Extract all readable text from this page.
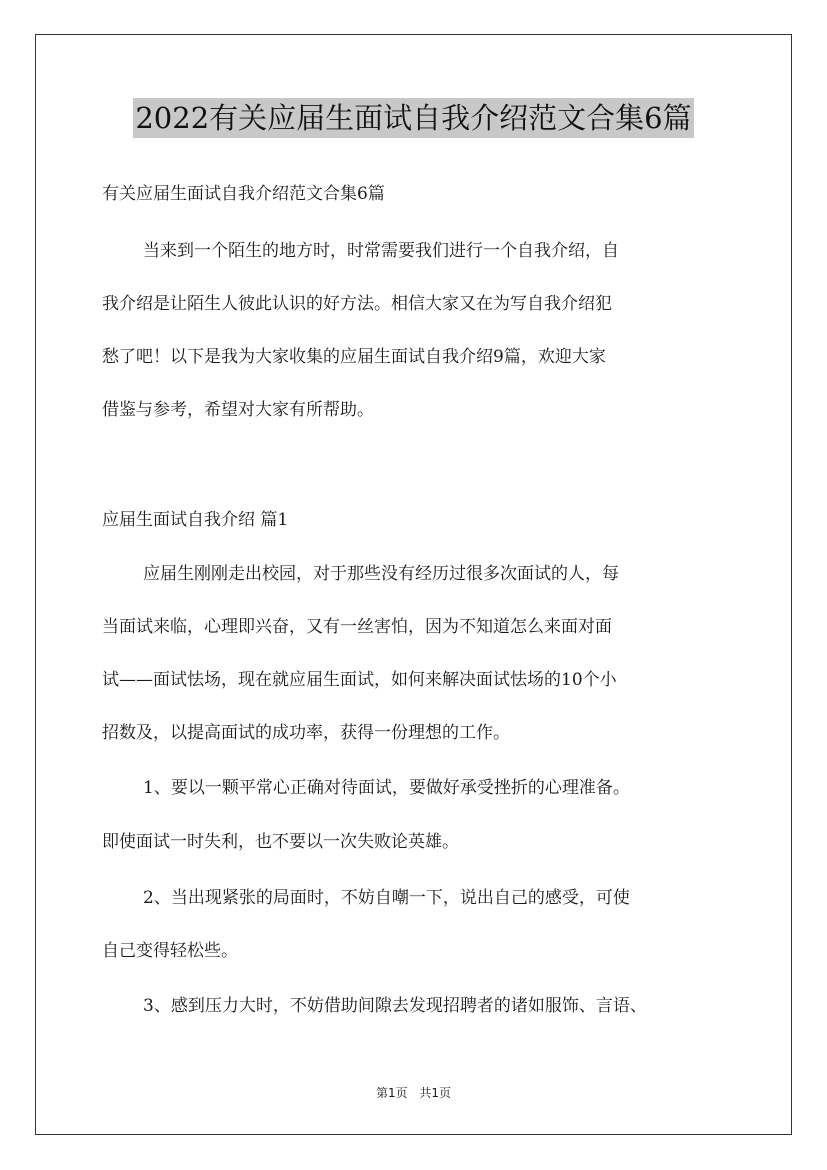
2022有关应届生面试自我介绍范文合集6篇
有关应届生面试自我介绍范文合集6篇
当来到一个陌生的地方时，时常需要我们进行一个自我介绍，自
我介绍是让陌生人彼此认识的好方法。相信大家又在为写自我介绍犯
愁了吧！以下是我为大家收集的应届生面试自我介绍9篇，欢迎大家
借鉴与参考，希望对大家有所帮助。
应届生面试自我介绍 篇1
应届生刚刚走出校园，对于那些没有经历过很多次面试的人，每
当面试来临，心理即兴奋，又有一丝害怕，因为不知道怎么来面对面
试——面试怯场，现在就应届生面试，如何来解决面试怯场的10个小
招数及，以提高面试的成功率，获得一份理想的工作。
1、要以一颗平常心正确对待面试，要做好承受挫折的心理准备。
即使面试一时失利，也不要以一次失败论英雄。
2、当出现紧张的局面时，不妨自嘲一下，说出自己的感受，可使
自己变得轻松些。
3、感到压力大时，不妨借助间隙去发现招聘者的诸如服饰、言语、
第1页 共1页
